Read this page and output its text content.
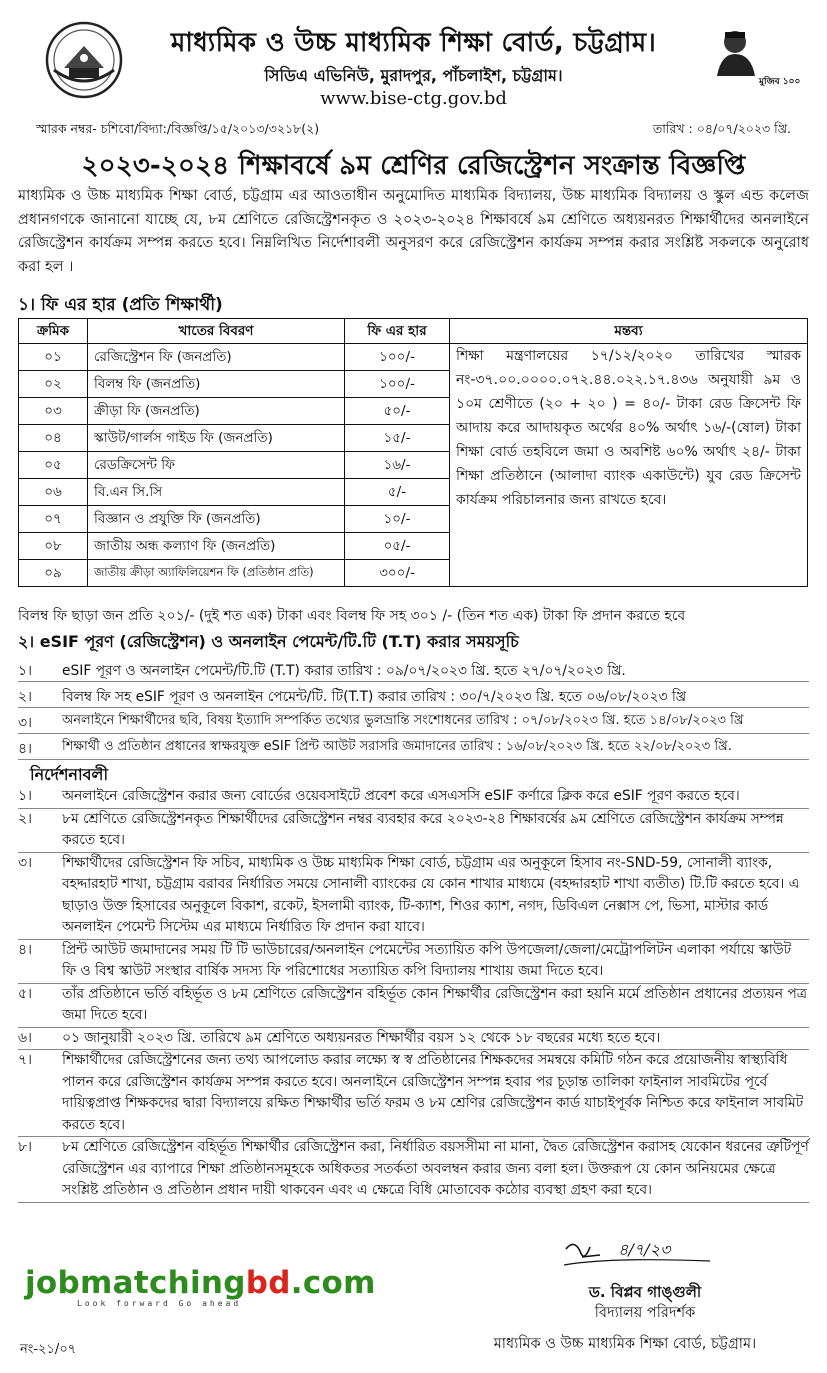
মাধ্যমিক ও উচ্চ মাধ্যমিক শিক্ষা বোর্ড, চট্টগ্রাম।
সিডিএ এভিনিউ, মুরাদপুর, পাঁচলাইশ, চট্টগ্রাম।
www.bise-ctg.gov.bd
মুজিব ১০০
স্মারক নম্বর- চশিবো/বিদ্যা:/বিজ্ঞপ্তি/১৫/২০১৩/৩২১৮(২)	তারিখ : ০৪/০৭/২০২৩ খ্রি.
২০২৩-২০২৪ শিক্ষাবর্ষে ৯ম শ্রেণির রেজিস্ট্রেশন সংক্রান্ত বিজ্ঞপ্তি
মাধ্যমিক ও উচ্চ মাধ্যমিক শিক্ষা বোর্ড, চট্টগ্রাম এর আওতাধীন অনুমোদিত মাধ্যমিক বিদ্যালয়, উচ্চ মাধ্যমিক বিদ্যালয় ও স্কুল এন্ড কলেজ প্রধানগণকে জানানো যাচ্ছে যে, ৮ম শ্রেণিতে রেজিস্ট্রেশনকৃত ও ২০২৩-২০২৪ শিক্ষাবর্ষে ৯ম শ্রেণিতে অধ্যয়নরত শিক্ষার্থীদের অনলাইনে রেজিস্ট্রেশন কার্যক্রম সম্পন্ন করতে হবে। নিম্নলিখিত নির্দেশাবলী অনুসরণ করে রেজিস্ট্রেশন কার্যক্রম সম্পন্ন করার সংশ্লিষ্ট সকলকে অনুরোধ করা হল ।
১। ফি এর হার (প্রতি শিক্ষার্থী)
ক্রমিক	খাতের বিবরণ	ফি এর হার	মন্তব্য
০১	রেজিস্ট্রেশন ফি (জনপ্রতি)	১০০/-	শিক্ষা মন্ত্রণালয়ের ১৭/১২/২০২০ তারিখের স্মারক নং-৩৭.০০.০০০০.০৭২.৪৪.০২২.১৭.৪৩৬ অনুযায়ী ৯ম ও ১০ম শ্রেণীতে (২০ + ২০ ) = ৪০/- টাকা রেড ক্রিসেন্ট ফি আদায় করে আদায়কৃত অর্থের ৪০% অর্থাৎ ১৬/-(ষোল) টাকা শিক্ষা বোর্ড তহবিলে জমা ও অবশিষ্ট ৬০% অর্থাৎ ২৪/- টাকা শিক্ষা প্রতিষ্ঠানে (আলাদা ব্যাংক একাউন্টে) যুব রেড ক্রিসেন্ট কার্যক্রম পরিচালনার জন্য রাখতে হবে।
০২	বিলম্ব ফি (জনপ্রতি)	১০০/-	
০৩	ক্রীড়া ফি (জনপ্রতি)	৫০/-	
০৪	স্কাউট/গার্লস গাইড ফি (জনপ্রতি)	১৫/-	
০৫	রেডক্রিসেন্ট ফি	১৬/-	
০৬	বি.এন সি.সি	৫/-	
০৭	বিজ্ঞান ও প্রযুক্তি ফি (জনপ্রতি)	১০/-	
০৮	জাতীয় অন্ধ কল্যাণ ফি (জনপ্রতি)	০৫/-	
০৯	জাতীয় ক্রীড়া অ্যাফিলিয়েশন ফি (প্রতিষ্ঠান প্রতি)	৩০০/-	
বিলম্ব ফি ছাড়া জন প্রতি ২০১/- (দুই শত এক) টাকা এবং বিলম্ব ফি সহ ৩০১ /- (তিন শত এক) টাকা ফি প্রদান করতে হবে
২। eSIF পূরণ (রেজিস্ট্রেশন) ও অনলাইন পেমেন্ট/টি.টি (T.T) করার সময়সূচি
১।	eSIF পূরণ ও অনলাইন পেমেন্ট/টি.টি (T.T) করার তারিখ : ০৯/০৭/২০২৩ খ্রি. হতে ২৭/০৭/২০২৩ খ্রি.
২।	বিলম্ব ফি সহ eSIF পূরণ ও অনলাইন পেমেন্ট/টি. টি(T.T) করার তারিখ : ৩০/৭/২০২৩ খ্রি. হতে ০৬/০৮/২০২৩ খ্রি
৩।	অনলাইনে শিক্ষার্থীদের ছবি, বিষয় ইত্যাদি সম্পর্কিত তথ্যের ভুলভ্রান্তি সংশোধনের তারিখ : ০৭/০৮/২০২৩ খ্রি. হতে ১৪/০৮/২০২৩ খ্রি
৪।	শিক্ষার্থী ও প্রতিষ্ঠান প্রধানের স্বাক্ষরযুক্ত eSIF প্রিন্ট আউট সরাসরি জমাদানের তারিখ : ১৬/০৮/২০২৩ খ্রি. হতে ২২/০৮/২০২৩ খ্রি.
নির্দেশনাবলী
১। অনলাইনে রেজিস্ট্রেশন করার জন্য বোর্ডের ওয়েবসাইটে প্রবেশ করে এসএসসি eSIF কর্ণারে ক্লিক করে eSIF পূরণ করতে হবে।
২। ৮ম শ্রেণিতে রেজিস্ট্রেশনকৃত শিক্ষার্থীদের রেজিস্ট্রেশন নম্বর ব্যবহার করে ২০২৩-২৪ শিক্ষাবর্ষের ৯ম শ্রেণিতে রেজিস্ট্রেশন কার্যক্রম সম্পন্ন করতে হবে।
৩। শিক্ষার্থীদের রেজিস্ট্রেশন ফি সচিব, মাধ্যমিক ও উচ্চ মাধ্যমিক শিক্ষা বোর্ড, চট্টগ্রাম এর অনুকূলে হিসাব নং-SND-59, সোনালী ব্যাংক, বহদ্দারহাট শাখা, চট্টগ্রাম বরাবর নির্ধারিত সময়ে সোনালী ব্যাংকের যে কোন শাখার মাধ্যমে (বহদ্দারহাট শাখা ব্যতীত) টি.টি করতে হবে। এ ছাড়াও উক্ত হিসাবের অনুকূলে বিকাশ, রকেট, ইসলামী ব্যাংক, টি-ক্যাশ, শিওর ক্যাশ, নগদ, ডিবিএল নেক্সাস পে, ভিসা, মাস্টার কার্ড অনলাইন পেমেন্ট সিস্টেম এর মাধ্যমে নির্ধারিত ফি প্রদান করা যাবে।
৪। প্রিন্ট আউট জমাদানের সময় টি টি ভাউচারের/অনলাইন পেমেন্টের সত্যায়িত কপি উপজেলা/জেলা/মেট্রোপলিটন এলাকা পর্যায়ে স্কাউট ফি ও বিশ্ব স্কাউট সংস্থার বার্ষিক সদস্য ফি পরিশোধের সত্যায়িত কপি বিদ্যালয় শাখায় জমা দিতে হবে।
৫। তাঁর প্রতিষ্ঠানে ভর্তি বহির্ভূত ও ৮ম শ্রেণিতে রেজিস্ট্রেশন বহির্ভূত কোন শিক্ষার্থীর রেজিস্ট্রেশন করা হয়নি মর্মে প্রতিষ্ঠান প্রধানের প্রত্যয়ন পত্র জমা দিতে হবে।
৬। ০১ জানুয়ারী ২০২৩ খ্রি. তারিখে ৯ম শ্রেণিতে অধ্যয়নরত শিক্ষার্থীর বয়স ১২ থেকে ১৮ বছরের মধ্যে হতে হবে।
৭। শিক্ষার্থীদের রেজিস্ট্রেশনের জন্য তথ্য আপলোড করার লক্ষ্যে স্ব স্ব প্রতিষ্ঠানের শিক্ষকদের সমন্বয়ে কমিটি গঠন করে প্রয়োজনীয় স্বাস্থ্যবিধি পালন করে রেজিস্ট্রেশন কার্যক্রম সম্পন্ন করতে হবে। অনলাইনে রেজিস্ট্রেশন সম্পন্ন হবার পর চূড়ান্ত তালিকা ফাইনাল সাবমিটের পূর্বে দায়িত্বপ্রাপ্ত শিক্ষকদের দ্বারা বিদ্যালয়ে রক্ষিত শিক্ষার্থীর ভর্তি ফরম ও ৮ম শ্রেণির রেজিস্ট্রেশন কার্ড যাচাইপূর্বক নিশ্চিত করে ফাইনাল সাবমিট করতে হবে।
৮। ৮ম শ্রেণিতে রেজিস্ট্রেশন বহির্ভূত শিক্ষার্থীর রেজিস্ট্রেশন করা, নির্ধারিত বয়সসীমা না মানা, দ্বৈত রেজিস্ট্রেশন করাসহ যেকোন ধরনের ত্রুটিপূর্ণ রেজিস্ট্রেশন এর ব্যাপারে শিক্ষা প্রতিষ্ঠানসমূহকে অধিকতর সতর্কতা অবলম্বন করার জন্য বলা হল। উক্তরূপ যে কোন অনিয়মের ক্ষেত্রে সংশ্লিষ্ট প্রতিষ্ঠান ও প্রতিষ্ঠান প্রধান দায়ী থাকবেন এবং এ ক্ষেত্রে বিধি মোতাবেক কঠোর ব্যবস্থা গ্রহণ করা হবে।
jobmatchingbd.com
Look forward Go ahead
৪/৭/২৩
ড. বিপ্লব গাঙ্গুলী
বিদ্যালয় পরিদর্শক
মাধ্যমিক ও উচ্চ মাধ্যমিক শিক্ষা বোর্ড, চট্টগ্রাম।
নং-২১/০৭
